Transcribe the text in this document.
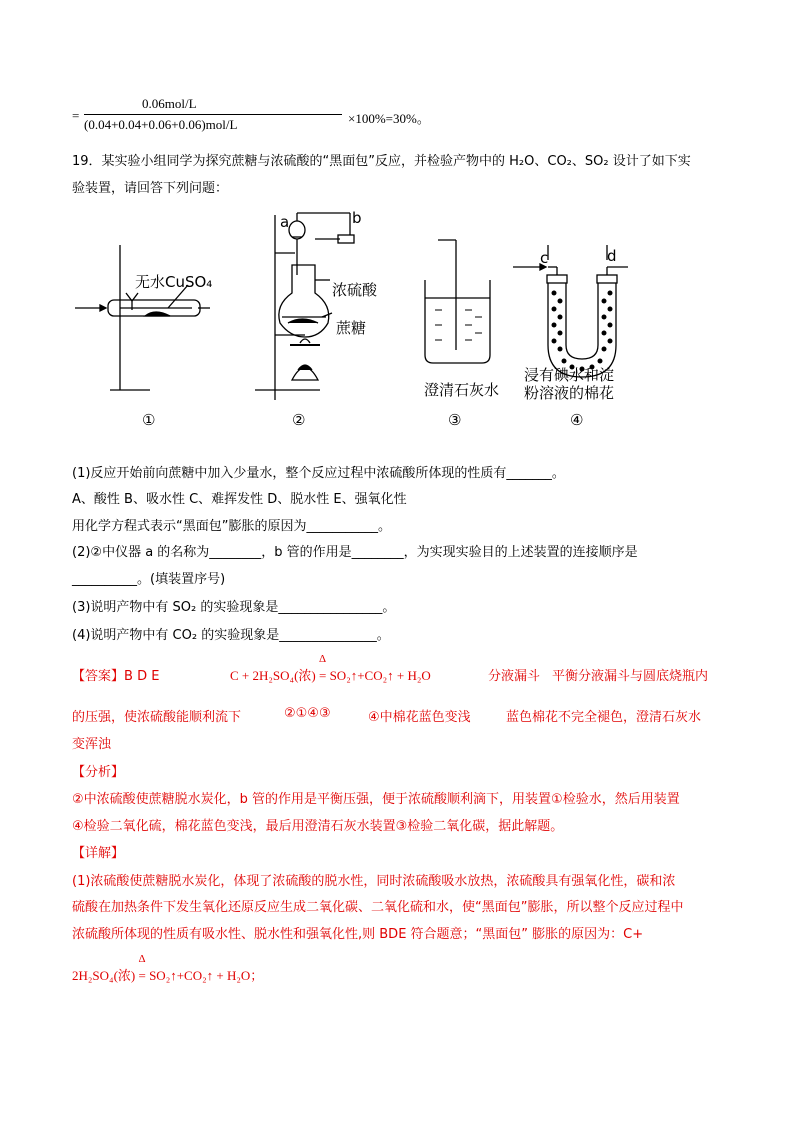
0.06mol/L
=
(0.04+0.04+0.06+0.06)mol/L	×100%=30%。
19．某实验小组同学为探究蔗糖与浓硫酸的“黑面包”反应，并检验产物中的 H₂O、CO₂、SO₂ 设计了如下实
验装置，请回答下列问题：
无水CuSO₄	浓硫酸
蔗糖
a	b
c	d
澄清石灰水
浸有碘水和淀
粉溶液的棉花
①	②	③	④
(1)反应开始前向蔗糖中加入少量水，整个反应过程中浓硫酸所体现的性质有_______。
A、酸性 B、吸水性 C、难挥发性 D、脱水性 E、强氧化性
用化学方程式表示“黑面包”膨胀的原因为___________。
(2)②中仪器 a 的名称为________，b 管的作用是________，为实现实验目的上述装置的连接顺序是
__________。(填装置序号)
(3)说明产物中有 SO₂ 的实验现象是________________。
(4)说明产物中有 CO₂ 的实验现象是_______________。
【答案】B D E	C + 2H₂SO₄(浓)
Δ
= SO₂↑+CO₂↑ + H₂O	分液漏斗 平衡分液漏斗与圆底烧瓶内
的压强，使浓硫酸能顺利流下	②①④③	④中棉花蓝色变浅	蓝色棉花不完全褪色，澄清石灰水
变浑浊
【分析】
②中浓硫酸使蔗糖脱水炭化，b 管的作用是平衡压强，便于浓硫酸顺利滴下，用装置①检验水，然后用装置
④检验二氧化硫，棉花蓝色变浅，最后用澄清石灰水装置③检验二氧化碳，据此解题。
【详解】
(1)浓硫酸使蔗糖脱水炭化，体现了浓硫酸的脱水性，同时浓硫酸吸水放热，浓硫酸具有强氧化性，碳和浓
硫酸在加热条件下发生氧化还原反应生成二氧化碳、二氧化硫和水，使“黑面包”膨胀，所以整个反应过程中
浓硫酸所体现的性质有吸水性、脱水性和强氧化性,则 BDE 符合题意；“黑面包” 膨胀的原因为：C+
2H₂SO₄(浓)
Δ
= SO₂↑+CO₂↑ + H₂O；
